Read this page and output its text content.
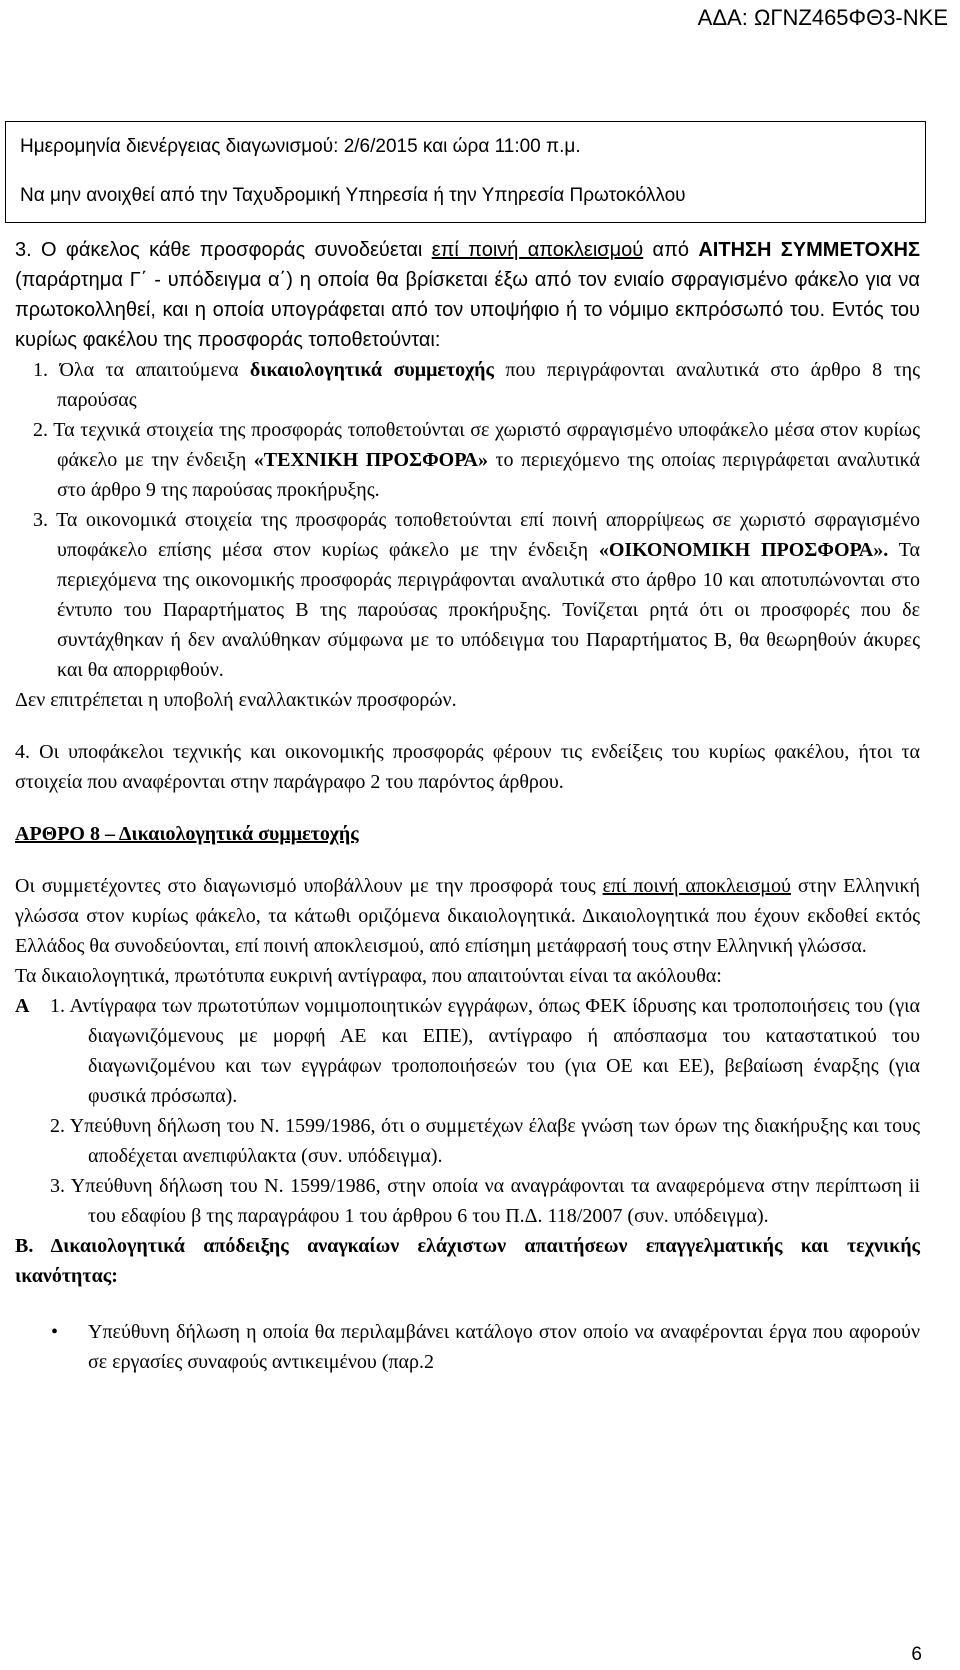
ΑΔΑ: ΩΓΝΖ465ΦΘ3-ΝΚΕ
Ημερομηνία διενέργειας διαγωνισμού: 2/6/2015 και ώρα 11:00 π.μ.
Να μην ανοιχθεί από την Ταχυδρομική Υπηρεσία ή την Υπηρεσία Πρωτοκόλλου

3. Ο φάκελος κάθε προσφοράς συνοδεύεται επί ποινή αποκλεισμού από ΑΙΤΗΣΗ ΣΥΜΜΕΤΟΧΗΣ (παράρτημα Γ΄ - υπόδειγμα α΄) η οποία θα βρίσκεται έξω από τον ενιαίο σφραγισμένο φάκελο για να πρωτοκολληθεί, και η οποία υπογράφεται από τον υποψήφιο ή το νόμιμο εκπρόσωπό του. Εντός του κυρίως φακέλου της προσφοράς τοποθετούνται:

1. Όλα τα απαιτούμενα δικαιολογητικά συμμετοχής που περιγράφονται αναλυτικά στο άρθρο 8 της παρούσας

2. Τα τεχνικά στοιχεία της προσφοράς τοποθετούνται σε χωριστό σφραγισμένο υποφάκελο μέσα στον κυρίως φάκελο με την ένδειξη «ΤΕΧΝΙΚΗ ΠΡΟΣΦΟΡΑ» το περιεχόμενο της οποίας περιγράφεται αναλυτικά στο άρθρο 9 της παρούσας προκήρυξης.

3. Τα οικονομικά στοιχεία της προσφοράς τοποθετούνται επί ποινή απορρίψεως σε χωριστό σφραγισμένο υποφάκελο επίσης μέσα στον κυρίως φάκελο με την ένδειξη «ΟΙΚΟΝΟΜΙΚΗ ΠΡΟΣΦΟΡΑ». Τα περιεχόμενα της οικονομικής προσφοράς περιγράφονται αναλυτικά στο άρθρο 10 και αποτυπώνονται στο έντυπο του Παραρτήματος Β της παρούσας προκήρυξης. Τονίζεται ρητά ότι οι προσφορές που δε συντάχθηκαν ή δεν αναλύθηκαν σύμφωνα με το υπόδειγμα του Παραρτήματος Β, θα θεωρηθούν άκυρες και θα απορριφθούν.

Δεν επιτρέπεται η υποβολή εναλλακτικών προσφορών.

4. Οι υποφάκελοι τεχνικής και οικονομικής προσφοράς φέρουν τις ενδείξεις του κυρίως φακέλου, ήτοι τα στοιχεία που αναφέρονται στην παράγραφο 2 του παρόντος άρθρου.

ΑΡΘΡΟ 8 – Δικαιολογητικά συμμετοχής

Οι συμμετέχοντες στο διαγωνισμό υποβάλλουν με την προσφορά τους επί ποινή αποκλεισμού στην Ελληνική γλώσσα στον κυρίως φάκελο, τα κάτωθι οριζόμενα δικαιολογητικά. Δικαιολογητικά που έχουν εκδοθεί εκτός Ελλάδος θα συνοδεύονται, επί ποινή αποκλεισμού, από επίσημη μετάφρασή τους στην Ελληνική γλώσσα.

Τα δικαιολογητικά, πρωτότυπα ευκρινή αντίγραφα, που απαιτούνται είναι τα ακόλουθα:

Α	1. Αντίγραφα των πρωτοτύπων νομιμοποιητικών εγγράφων, όπως ΦΕΚ ίδρυσης και τροποποιήσεις του (για διαγωνιζόμενους με μορφή ΑΕ και ΕΠΕ), αντίγραφο ή απόσπασμα του καταστατικού του διαγωνιζομένου και των εγγράφων τροποποιήσεών του (για ΟΕ και ΕΕ), βεβαίωση έναρξης (για φυσικά πρόσωπα).

2. Υπεύθυνη δήλωση του Ν. 1599/1986, ότι ο συμμετέχων έλαβε γνώση των όρων της διακήρυξης και τους αποδέχεται ανεπιφύλακτα (συν. υπόδειγμα).

3. Υπεύθυνη δήλωση του Ν. 1599/1986, στην οποία να αναγράφονται τα αναφερόμενα στην περίπτωση ii του εδαφίου β της παραγράφου 1 του άρθρου 6 του Π.Δ. 118/2007 (συν. υπόδειγμα).

Β. Δικαιολογητικά απόδειξης αναγκαίων ελάχιστων απαιτήσεων επαγγελματικής και τεχνικής ικανότητας:

•	Υπεύθυνη δήλωση η οποία θα περιλαμβάνει κατάλογο στον οποίο να αναφέρονται έργα που αφορούν σε εργασίες συναφούς αντικειμένου (παρ.2
6
